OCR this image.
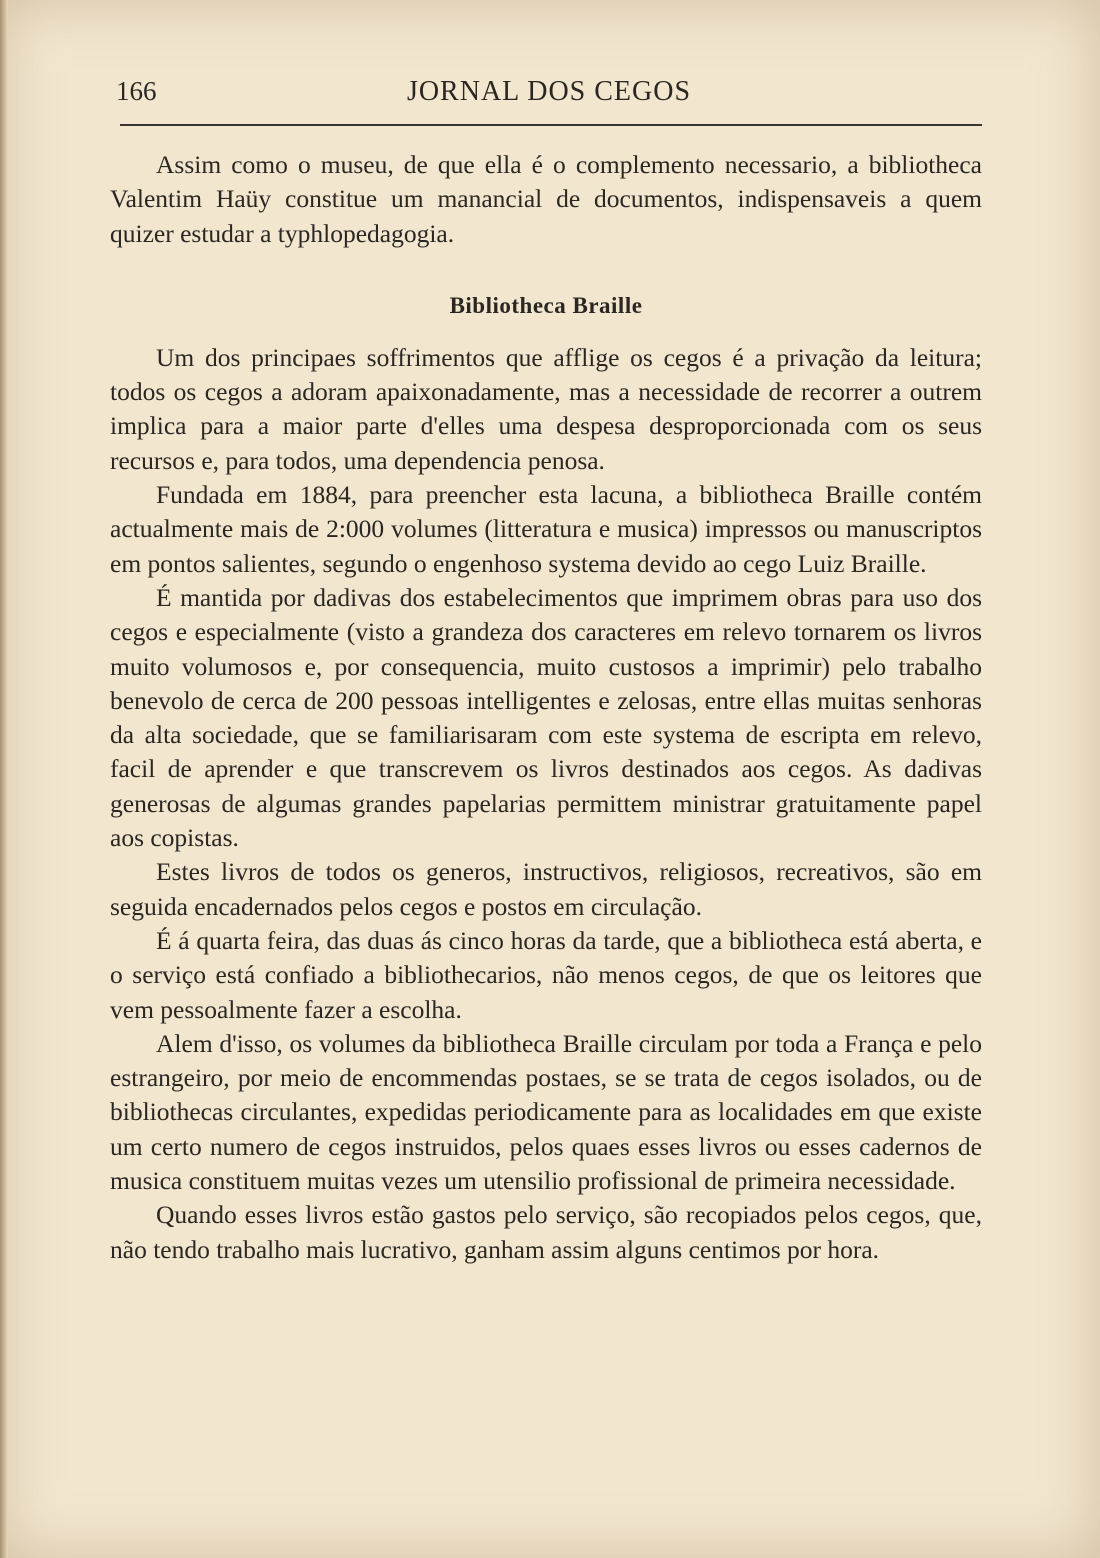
166	JORNAL DOS CEGOS

Assim como o museu, de que ella é o complemento necessario, a bibliotheca Valentim Haüy constitue um manancial de documentos, indispensaveis a quem quizer estudar a typhlopedagogia.

Bibliotheca Braille

Um dos principaes soffrimentos que afflige os cegos é a privação da leitura; todos os cegos a adoram apaixonadamente, mas a necessidade de recorrer a outrem implica para a maior parte d'elles uma despesa desproporcionada com os seus recursos e, para todos, uma dependencia penosa.

Fundada em 1884, para preencher esta lacuna, a bibliotheca Braille contém actualmente mais de 2:000 volumes (litteratura e musica) impressos ou manuscriptos em pontos salientes, segundo o engenhoso systema devido ao cego Luiz Braille.

É mantida por dadivas dos estabelecimentos que imprimem obras para uso dos cegos e especialmente (visto a grandeza dos caracteres em relevo tornarem os livros muito volumosos e, por consequencia, muito custosos a imprimir) pelo trabalho benevolo de cerca de 200 pessoas intelligentes e zelosas, entre ellas muitas senhoras da alta sociedade, que se familiarisaram com este systema de escripta em relevo, facil de aprender e que transcrevem os livros destinados aos cegos. As dadivas generosas de algumas grandes papelarias permittem ministrar gratuitamente papel aos copistas.

Estes livros de todos os generos, instructivos, religiosos, recreativos, são em seguida encadernados pelos cegos e postos em circulação.

É á quarta feira, das duas ás cinco horas da tarde, que a bibliotheca está aberta, e o serviço está confiado a bibliothecarios, não menos cegos, de que os leitores que vem pessoalmente fazer a escolha.

Alem d'isso, os volumes da bibliotheca Braille circulam por toda a França e pelo estrangeiro, por meio de encommendas postaes, se se trata de cegos isolados, ou de bibliothecas circulantes, expedidas periodicamente para as localidades em que existe um certo numero de cegos instruidos, pelos quaes esses livros ou esses cadernos de musica constituem muitas vezes um utensilio profissional de primeira necessidade.

Quando esses livros estão gastos pelo serviço, são recopiados pelos cegos, que, não tendo trabalho mais lucrativo, ganham assim alguns centimos por hora.
